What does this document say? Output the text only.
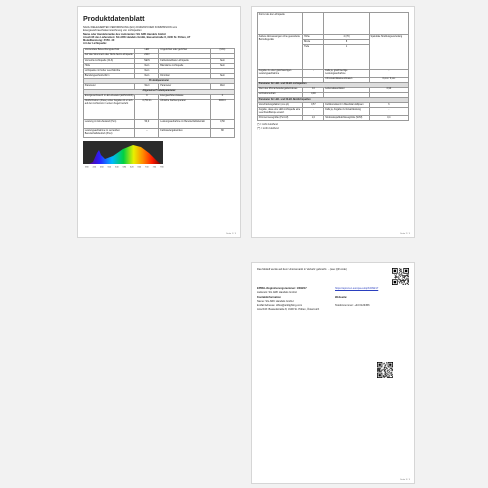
Produktdatenblatt
NACH DELEGIERTEN VERORDNUNG (EU) 2019/2015 DER KOMMISSION vom
Energieverbrauchskennzeichnung von Lichtquellen
Name oder Handelsmarke des Lieferanten: SG ARK Handels GmbH
Anschrift des Lieferanten: SG ARK Handels GmbH, Bassetistraße 8, 3100 St. Pölten, AT
Modellkennung: ZV50 -40
Art der Lichtquelle:
Verwendete Beleuchtungstechnik	LED	Ungerichtet oder gerichtet	(U/G)
Auf das Stromnetz oder Nicht-Netz-Lichtquelle	230V		
Vernetzte Lichtquelle (CLS)	NEIN	Farbeinstellbare Lichtquelle	Nein
Hülle	Nein	Blendarme Lichtquelle	Nein
Lichtquelle mit hoher Leuchtdichte	Nein		
Blendungsschutzschirm	Nein	Dimmbar	Nein
Produktparameter			
Parameter	Wert	Parameter	Wert
Allgemeine Produktparameter			
Energieverbrauch im Ein-Zustand (kWh/1000h)	8	Energieeffizienzklasse	F
Nutzlichtstrom (Φuse) unter Angabe ob er sich auf den Lichtstrom in einem Kegel bezieht	0,750 lm	Ähnliche Farbtemperatur	3000 K
Leistung im Ein-Zustand (Pon)	50,0	Leistungsaufnahme im Bereitschaftsbetrieb	0,50
Leistungsaufnahme im vernetzten Bereitschaftsbetrieb (Pnet)	--	Farbwiedergabeindex	80
380	420	460	500	540	580	620	660	700	740	780
Seite 1 / 3
Kürzer als die Lichtquelle			
Äußere Abmessungen ohne gesonderte Betriebsgeräte	Höhe	4 (70)	Spektrale Strahlungsverteilung
	Breite	8	
	Tiefe	1	
Angabe zu einer gleichwertigen Leistungsaufnahme	-	Falls ja, gleichwertige Leistungsaufnahme	-
		Chromatizitätskoordinaten	0,xxx / 0,xxx
Parameter für LED- und OLED-Lichtquellen			
Wert des R9-Farbwiedergabeindexes	13	Lebensdauerfaktor	0,90
Lichtstromerhalt	0,90		
Parameter für LED- und OLED-Netzlichtquellen			
Verschiebungsfaktor (cos φ1)	0,57	Farbkonsistenz in MacAdam-Ellipsen	6
Angabe, dass eine LED-Lichtquelle eine Leuchtstofflampe ersetzt	-	Falls ja, Angabe zur Ersatzleistung	-
Flimmermessgröße (Pst LM)	1,0	Stroboskopeffekt-Messgröße (SVM)	0,4
(*) = nicht zutreffend
(**) = nicht zutreffend
Seite 2 / 3
Das Modell wurde auf dem Unionsmarkt in Verkehr gebracht. ...(see QR code)
EPREL-Registrierungsnummer: 1009217	https://eprel.ec.europa.eu/qr/1009217
Lieferant: SG ARK Handels GmbH
Kontaktinformation	Webseite:
Name: SG ARK Handels GmbH
E-Mail Adresse: office@arklighting.com	Telefonnummer: +43 0123456
Anschrift: Bassetistraße 8, 3100 St. Pölten, Österreich
Seite 3 / 3
